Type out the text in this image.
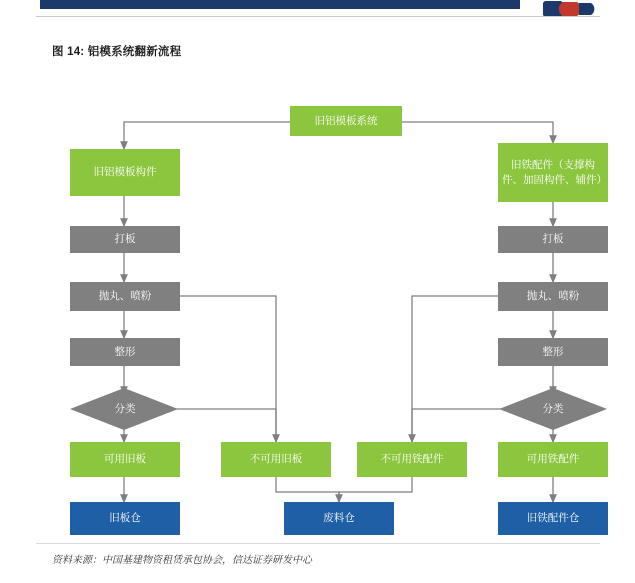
图 14: 铝模系统翻新流程
旧铝模板系统
旧铝模板构件
旧铁配件（支撑构件、加固构件、辅件）
打板
抛丸、喷粉
整形
分类
打板
抛丸、喷粉
整形
分类
可用旧板	不可用旧板	不可用铁配件	可用铁配件
旧板仓	废料仓	旧铁配件仓
资料来源：中国基建物资租赁承包协会，信达证券研发中心
